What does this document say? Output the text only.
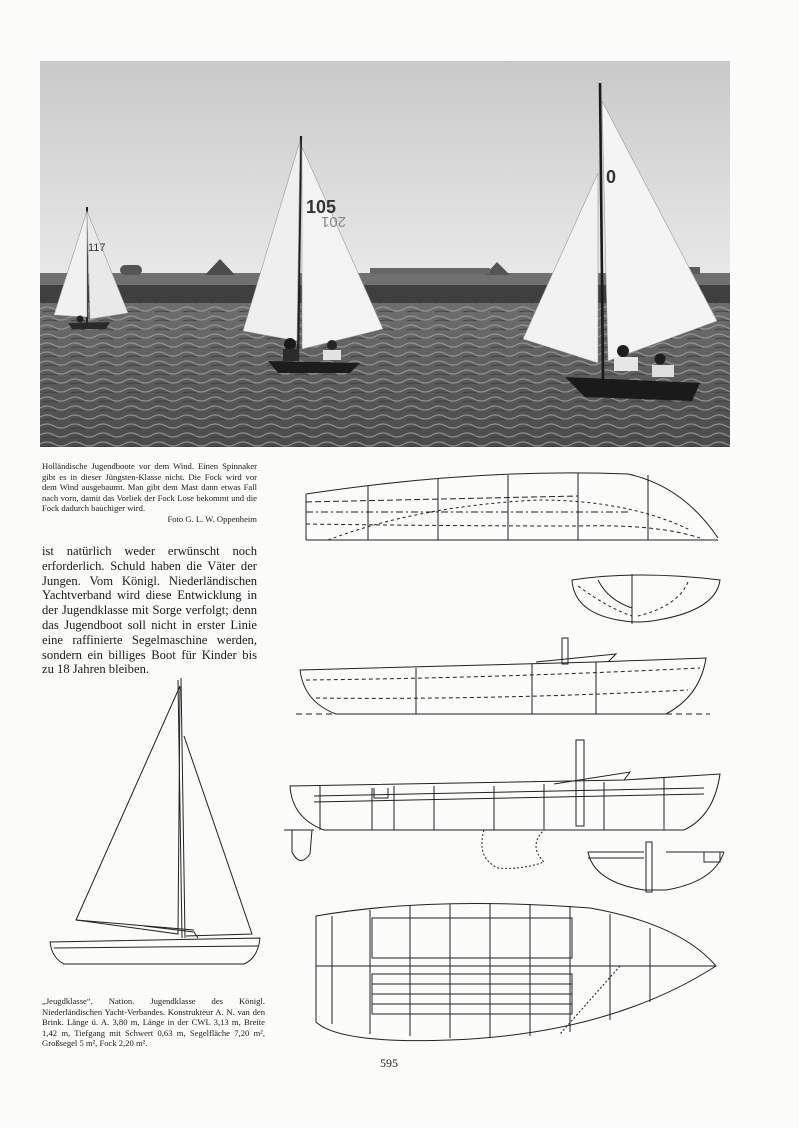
117
105
201
0
Holländische Jugendboote vor dem Wind. Einen Spinnaker gibt es in dieser Jüngsten-Klasse nicht. Die Fock wird vor dem Wind ausgebaumt. Man gibt dem Mast dann etwas Fall nach vorn, damit das Vorliek der Fock Lose bekommt und die Fock dadurch bauchiger wird.
Foto G. L. W. Oppenheim
ist natürlich weder erwünscht noch erforderlich. Schuld haben die Väter der Jungen. Vom Königl. Niederländischen Yachtverband wird diese Entwicklung in der Jugendklasse mit Sorge verfolgt; denn das Jugendboot soll nicht in erster Linie eine raffinierte Segelmaschine werden, sondern ein billiges Boot für Kinder bis zu 18 Jahren bleiben.
„Jeugdklasse“. Nation. Jugendklasse des Königl. Niederländischen Yacht-Verbandes. Konstrukteur A. N. van den Brink. Länge ü. A. 3,80 m, Länge in der CWL 3,13 m, Breite 1,42 m, Tiefgang mit Schwert 0,63 m, Segelfläche 7,20 m², Großsegel 5 m², Fock 2,20 m².
595
